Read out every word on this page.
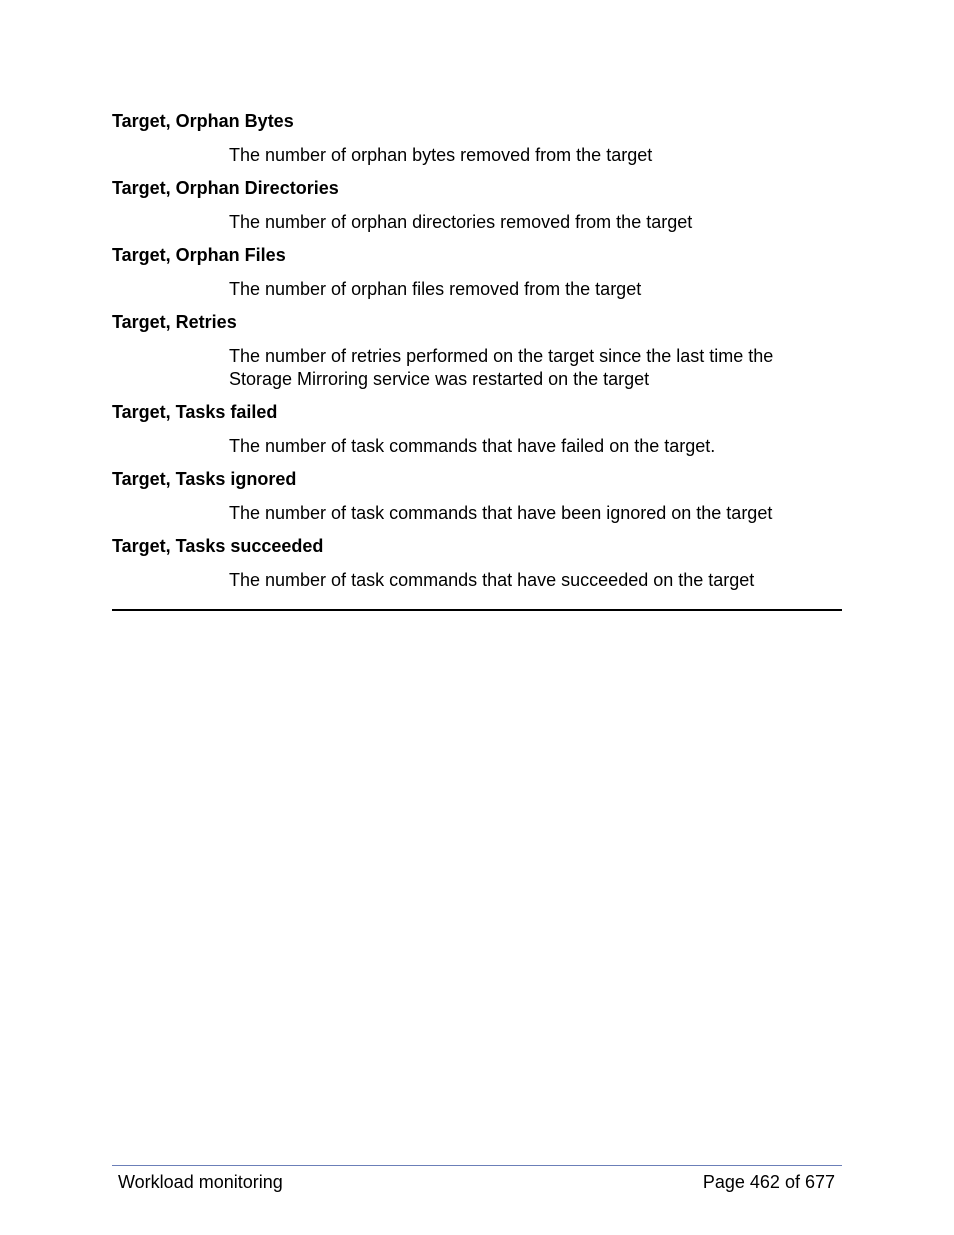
Target, Orphan Bytes

The number of orphan bytes removed from the target

Target, Orphan Directories

The number of orphan directories removed from the target

Target, Orphan Files

The number of orphan files removed from the target

Target, Retries

The number of retries performed on the target since the last time the
Storage Mirroring service was restarted on the target

Target, Tasks failed

The number of task commands that have failed on the target.

Target, Tasks ignored

The number of task commands that have been ignored on the target

Target, Tasks succeeded

The number of task commands that have succeeded on the target

Workload monitoring	Page 462 of 677
